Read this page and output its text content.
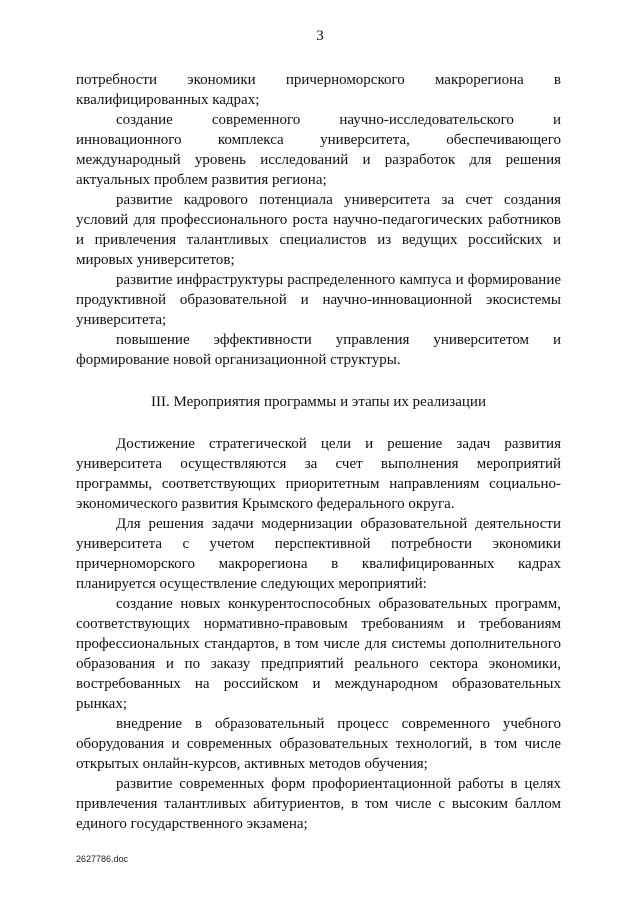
3

потребности экономики причерноморского макрорегиона в квалифицированных кадрах;

создание современного научно-исследовательского и инновационного комплекса университета, обеспечивающего международный уровень исследований и разработок для решения актуальных проблем развития региона;

развитие кадрового потенциала университета за счет создания условий для профессионального роста научно-педагогических работников и привлечения талантливых специалистов из ведущих российских и мировых университетов;

развитие инфраструктуры распределенного кампуса и формирование продуктивной образовательной и научно-инновационной экосистемы университета;

повышение эффективности управления университетом и формирование новой организационной структуры.

III. Мероприятия программы и этапы их реализации

Достижение стратегической цели и решение задач развития университета осуществляются за счет выполнения мероприятий программы, соответствующих приоритетным направлениям социально-экономического развития Крымского федерального округа.

Для решения задачи модернизации образовательной деятельности университета с учетом перспективной потребности экономики причерноморского макрорегиона в квалифицированных кадрах планируется осуществление следующих мероприятий:

создание новых конкурентоспособных образовательных программ, соответствующих нормативно-правовым требованиям и требованиям профессиональных стандартов, в том числе для системы дополнительного образования и по заказу предприятий реального сектора экономики, востребованных на российском и международном образовательных рынках;

внедрение в образовательный процесс современного учебного оборудования и современных образовательных технологий, в том числе открытых онлайн-курсов, активных методов обучения;

развитие современных форм профориентационной работы в целях привлечения талантливых абитуриентов, в том числе с высоким баллом единого государственного экзамена;

2627786.doc
